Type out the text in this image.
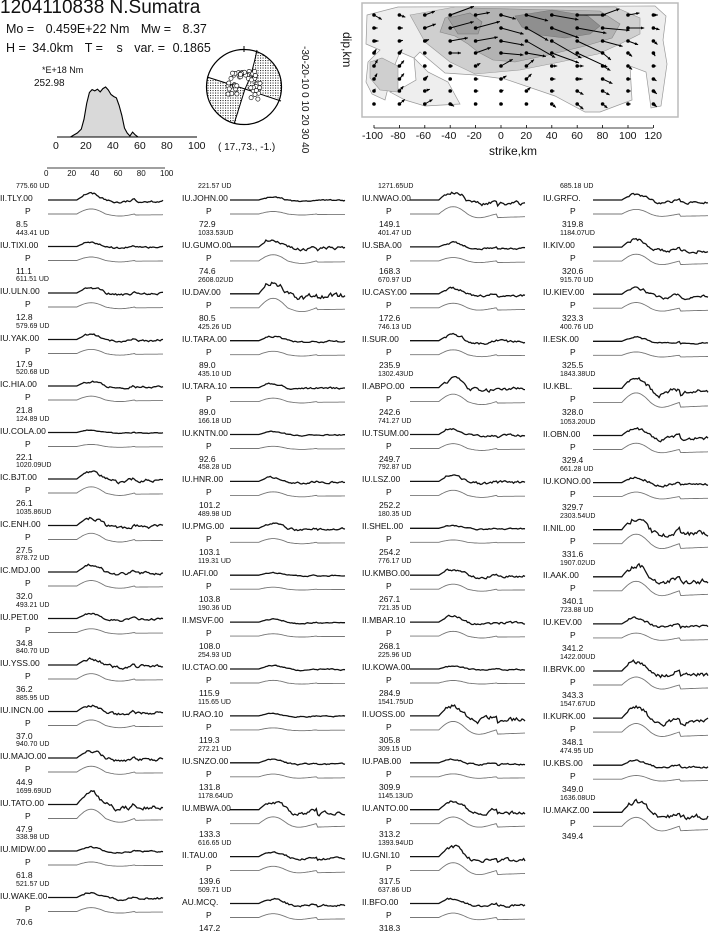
1204110838 N.Sumatra
Mo = 0.459E+22 Nm Mw = 8.37
H = 34.0km T = s var. = 0.1865
*E+18 Nm
252.98
0 20 40 60 80 100
0 20 40 60 80 100
( 17.,73., -1.)
-100 -80 -60 -40 -20 0 20 40 60 80 100 120
-30-20-10 0 10 20 30 40	dip,km
strike,km
775.60 UD
II.TLY.00
P
8.5
443.41 UD
IU.TIXI.00
P
11.1
611.51 UD
IU.ULN.00
P
12.8
579.69 UD
IU.YAK.00
P
17.9
520.68 UD
IC.HIA.00
P
21.8
124.89 UD
IU.COLA.00
P
22.1
1020.09UD
IC.BJT.00
P
26.1
1035.86UD
IC.ENH.00
P
27.5
878.72 UD
IC.MDJ.00
P
32.0
493.21 UD
IU.PET.00
P
34.8
840.70 UD
IU.YSS.00
P
36.2
885.95 UD
IU.INCN.00
P
37.0
940.70 UD
IU.MAJO.00
P
44.9
1699.69UD
IU.TATO.00
P
47.9
338.98 UD
IU.MIDW.00
P
61.8
521.57 UD
IU.WAKE.00
P
70.6
221.57 UD
IU.JOHN.00
P
72.9
1033.53UD
IU.GUMO.00
P
74.6
2608.02UD
IU.DAV.00
P
80.5
425.26 UD
IU.TARA.00
P
89.0
435.10 UD
IU.TARA.10
P
89.0
166.18 UD
IU.KNTN.00
P
92.6
458.28 UD
IU.HNR.00
P
101.2
489.98 UD
IU.PMG.00
P
103.1
119.31 UD
IU.AFI.00
P
103.8
190.36 UD
II.MSVF.00
P
108.0
254.93 UD
IU.CTAO.00
P
115.9
115.65 UD
IU.RAO.10
P
119.3
272.21 UD
IU.SNZO.00
P
131.8
1178.64UD
IU.MBWA.00
P
133.3
616.65 UD
II.TAU.00
P
139.6
509.71 UD
AU.MCQ.
P
147.2
1271.65UD
IU.NWAO.00
P
149.1
401.47 UD
IU.SBA.00
P
168.3
670.97 UD
IU.CASY.00
P
172.6
746.13 UD
II.SUR.00
P
235.9
1302.43UD
II.ABPO.00
P
242.6
741.27 UD
IU.TSUM.00
P
249.7
792.87 UD
IU.LSZ.00
P
252.2
180.35 UD
II.SHEL.00
P
254.2
776.17 UD
IU.KMBO.00
P
267.1
721.35 UD
II.MBAR.10
P
268.1
225.96 UD
IU.KOWA.00
P
284.9
1541.75UD
II.UOSS.00
P
305.8
309.15 UD
IU.PAB.00
P
309.9
1145.13UD
IU.ANTO.00
P
313.2
1393.94UD
IU.GNI.10
P
317.5
637.86 UD
II.BFO.00
P
318.3
685.18 UD
IU.GRFO.
P
319.8
1184.07UD
II.KIV.00
P
320.6
915.70 UD
IU.KIEV.00
P
323.3
400.76 UD
II.ESK.00
P
325.5
1843.38UD
IU.KBL.
P
328.0
1053.20UD
II.OBN.00
P
329.4
661.28 UD
IU.KONO.00
P
329.7
2303.54UD
II.NIL.00
P
331.6
1907.02UD
II.AAK.00
P
340.1
723.88 UD
IU.KEV.00
P
341.2
1422.00UD
II.BRVK.00
P
343.3
1547.67UD
II.KURK.00
P
348.1
474.95 UD
IU.KBS.00
P
349.0
1636.08UD
IU.MAKZ.00
P
349.4
